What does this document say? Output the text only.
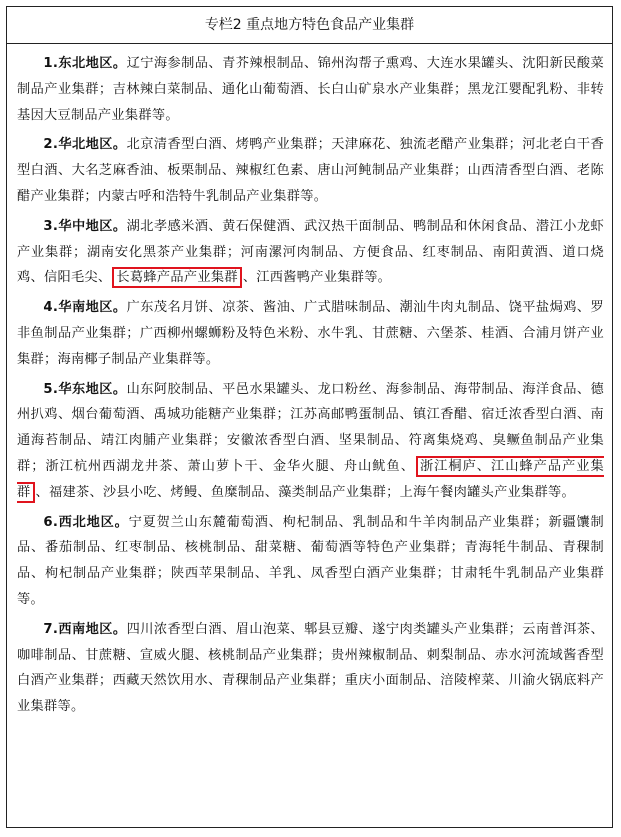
专栏2 重点地方特色食品产业集群

1.东北地区。辽宁海参制品、青芥辣根制品、锦州沟帮子熏鸡、大连水果罐头、沈阳新民酸菜制品产业集群；吉林辣白菜制品、通化山葡萄酒、长白山矿泉水产业集群；黑龙江婴配乳粉、非转基因大豆制品产业集群等。

2.华北地区。北京清香型白酒、烤鸭产业集群；天津麻花、独流老醋产业集群；河北老白干香型白酒、大名芝麻香油、板栗制品、辣椒红色素、唐山河鲀制品产业集群；山西清香型白酒、老陈醋产业集群；内蒙古呼和浩特牛乳制品产业集群等。

3.华中地区。湖北孝感米酒、黄石保健酒、武汉热干面制品、鸭制品和休闲食品、潜江小龙虾产业集群；湖南安化黑茶产业集群；河南漯河肉制品、方便食品、红枣制品、南阳黄酒、道口烧鸡、信阳毛尖、 长葛蜂产品产业集群 、江西酱鸭产业集群等。

4.华南地区。广东茂名月饼、凉茶、酱油、广式腊味制品、潮汕牛肉丸制品、饶平盐焗鸡、罗非鱼制品产业集群；广西柳州螺蛳粉及特色米粉、水牛乳、甘蔗糖、六堡茶、桂酒、合浦月饼产业集群；海南椰子制品产业集群等。

5.华东地区。山东阿胶制品、平邑水果罐头、龙口粉丝、海参制品、海带制品、海洋食品、德州扒鸡、烟台葡萄酒、禹城功能糖产业集群；江苏高邮鸭蛋制品、镇江香醋、宿迁浓香型白酒、南通海苔制品、靖江肉脯产业集群；安徽浓香型白酒、坚果制品、符离集烧鸡、臭鳜鱼制品产业集群；浙江杭州西湖龙井茶、萧山萝卜干、金华火腿、舟山鱿鱼、 浙江桐庐、江山蜂产品产业集群 、福建茶、沙县小吃、烤鳗、鱼糜制品、藻类制品产业集群；上海午餐肉罐头产业集群等。

6.西北地区。宁夏贺兰山东麓葡萄酒、枸杞制品、乳制品和牛羊肉制品产业集群；新疆馕制品、番茄制品、红枣制品、核桃制品、甜菜糖、葡萄酒等特色产业集群；青海牦牛制品、青稞制品、枸杞制品产业集群；陕西苹果制品、羊乳、凤香型白酒产业集群；甘肃牦牛乳制品产业集群等。

7.西南地区。四川浓香型白酒、眉山泡菜、郫县豆瓣、遂宁肉类罐头产业集群；云南普洱茶、咖啡制品、甘蔗糖、宣威火腿、核桃制品产业集群；贵州辣椒制品、刺梨制品、赤水河流域酱香型白酒产业集群；西藏天然饮用水、青稞制品产业集群；重庆小面制品、涪陵榨菜、川渝火锅底料产业集群等。
